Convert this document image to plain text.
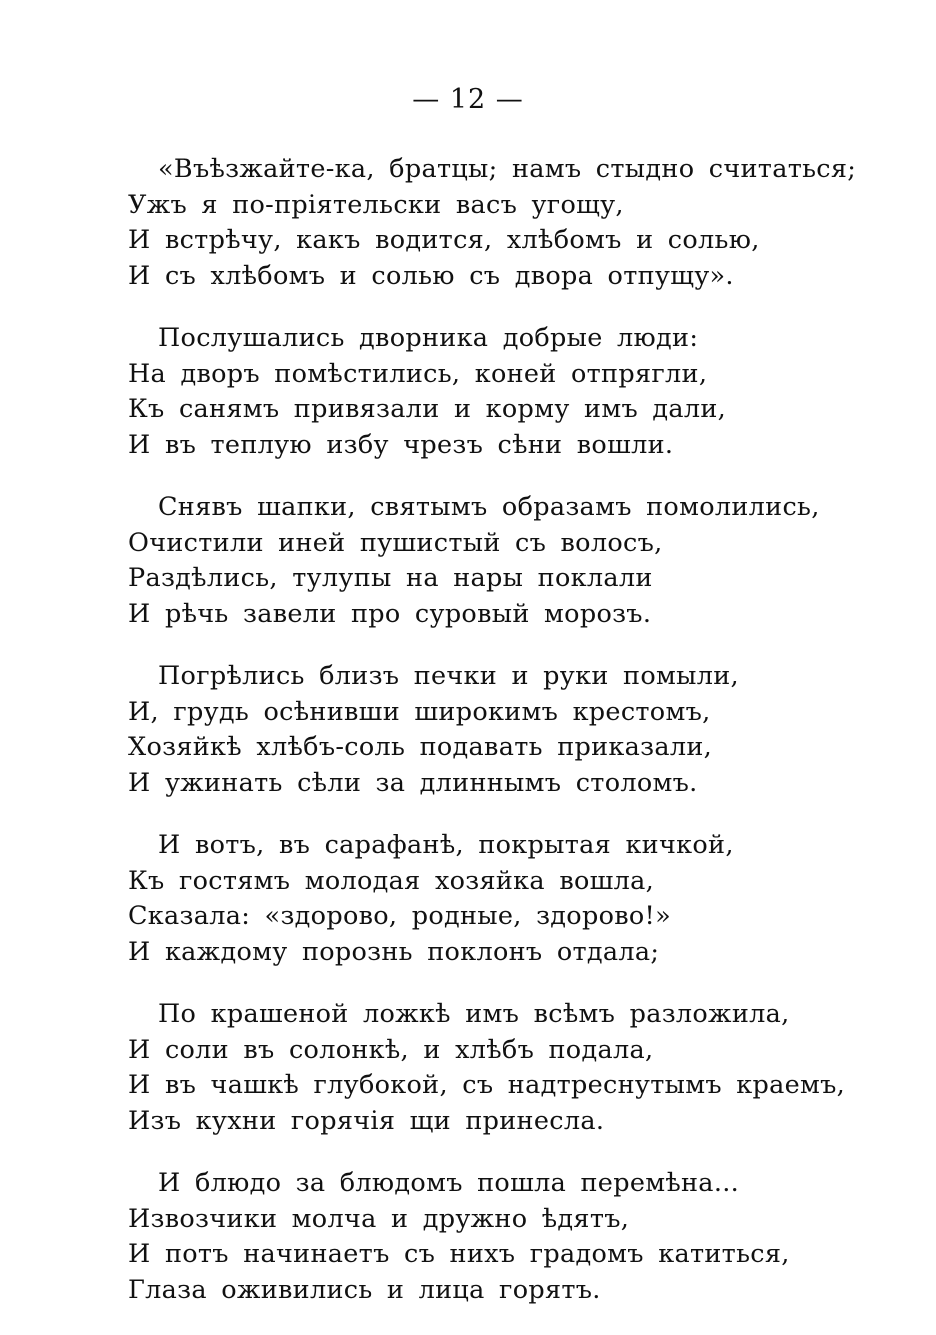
— 12 —
«Въѣзжайте-ка, братцы; намъ стыдно считаться;
Ужъ я по-пріятельски васъ угощу,
И встрѣчу, какъ водится, хлѣбомъ и солью,
И съ хлѣбомъ и солью съ двора отпущу».
Послушались дворника добрые люди:
На дворъ помѣстились, коней отпрягли,
Къ санямъ привязали и корму имъ дали,
И въ теплую избу чрезъ сѣни вошли.
Снявъ шапки, святымъ образамъ помолились,
Очистили иней пушистый съ волосъ,
Раздѣлись, тулупы на нары поклали
И рѣчь завели про суровый морозъ.
Погрѣлись близъ печки и руки помыли,
И, грудь осѣнивши широкимъ крестомъ,
Хозяйкѣ хлѣбъ-соль подавать приказали,
И ужинать сѣли за длиннымъ столомъ.
И вотъ, въ сарафанѣ, покрытая кичкой,
Къ гостямъ молодая хозяйка вошла,
Сказала: «здорово, родные, здорово!»
И каждому порознь поклонъ отдала;
По крашеной ложкѣ имъ всѣмъ разложила,
И соли въ солонкѣ, и хлѣбъ подала,
И въ чашкѣ глубокой, съ надтреснутымъ краемъ,
Изъ кухни горячія щи принесла.
И блюдо за блюдомъ пошла перемѣна...
Извозчики молча и дружно ѣдятъ,
И потъ начинаетъ съ нихъ градомъ катиться,
Глаза оживились и лица горятъ.
